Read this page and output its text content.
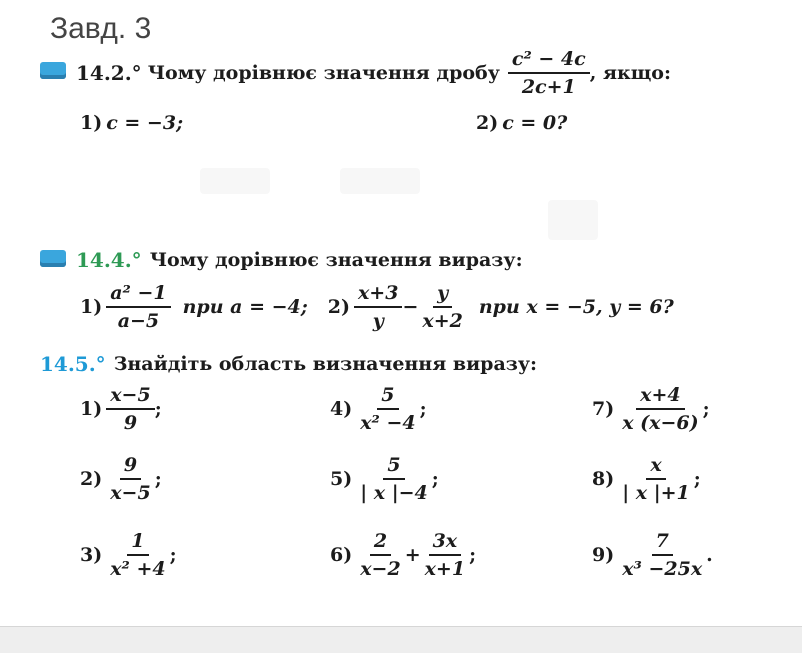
Завд. 3
14.2.° Чому дорівнює значення дробу $\frac{\text{c² − 4c}}{2c+1}$ , якщо:
1) c = −3;	2) c = 0?
14.4.° Чому дорівнює значення виразу:
$1) \frac{\text{a² −1}}{a-5}$ при a = −4; $2) \frac{x+3}{y} - \frac{y}{x+2}$ при x = −5, y = 6?
14.5.° Знайдіть область визначення виразу:
$1) \frac{x-5}{9}$ ;
$2) \frac{9}{x-5}$ ;
$3) \frac{1}{\text{x² +4}}$ ;
$4) \frac{5}{\text{x² −4}}$ ;
$5) \frac{5}{| x |-4}$ ;
$6) \frac{2}{x-2} + \frac{3x}{x+1}$ ;
$7) \frac{x+4}{x (x-6)}$ ;
$8) \frac{x}{| x |+1}$ ;
$9) \frac{7}{\text{x³ −25x}}$ .
